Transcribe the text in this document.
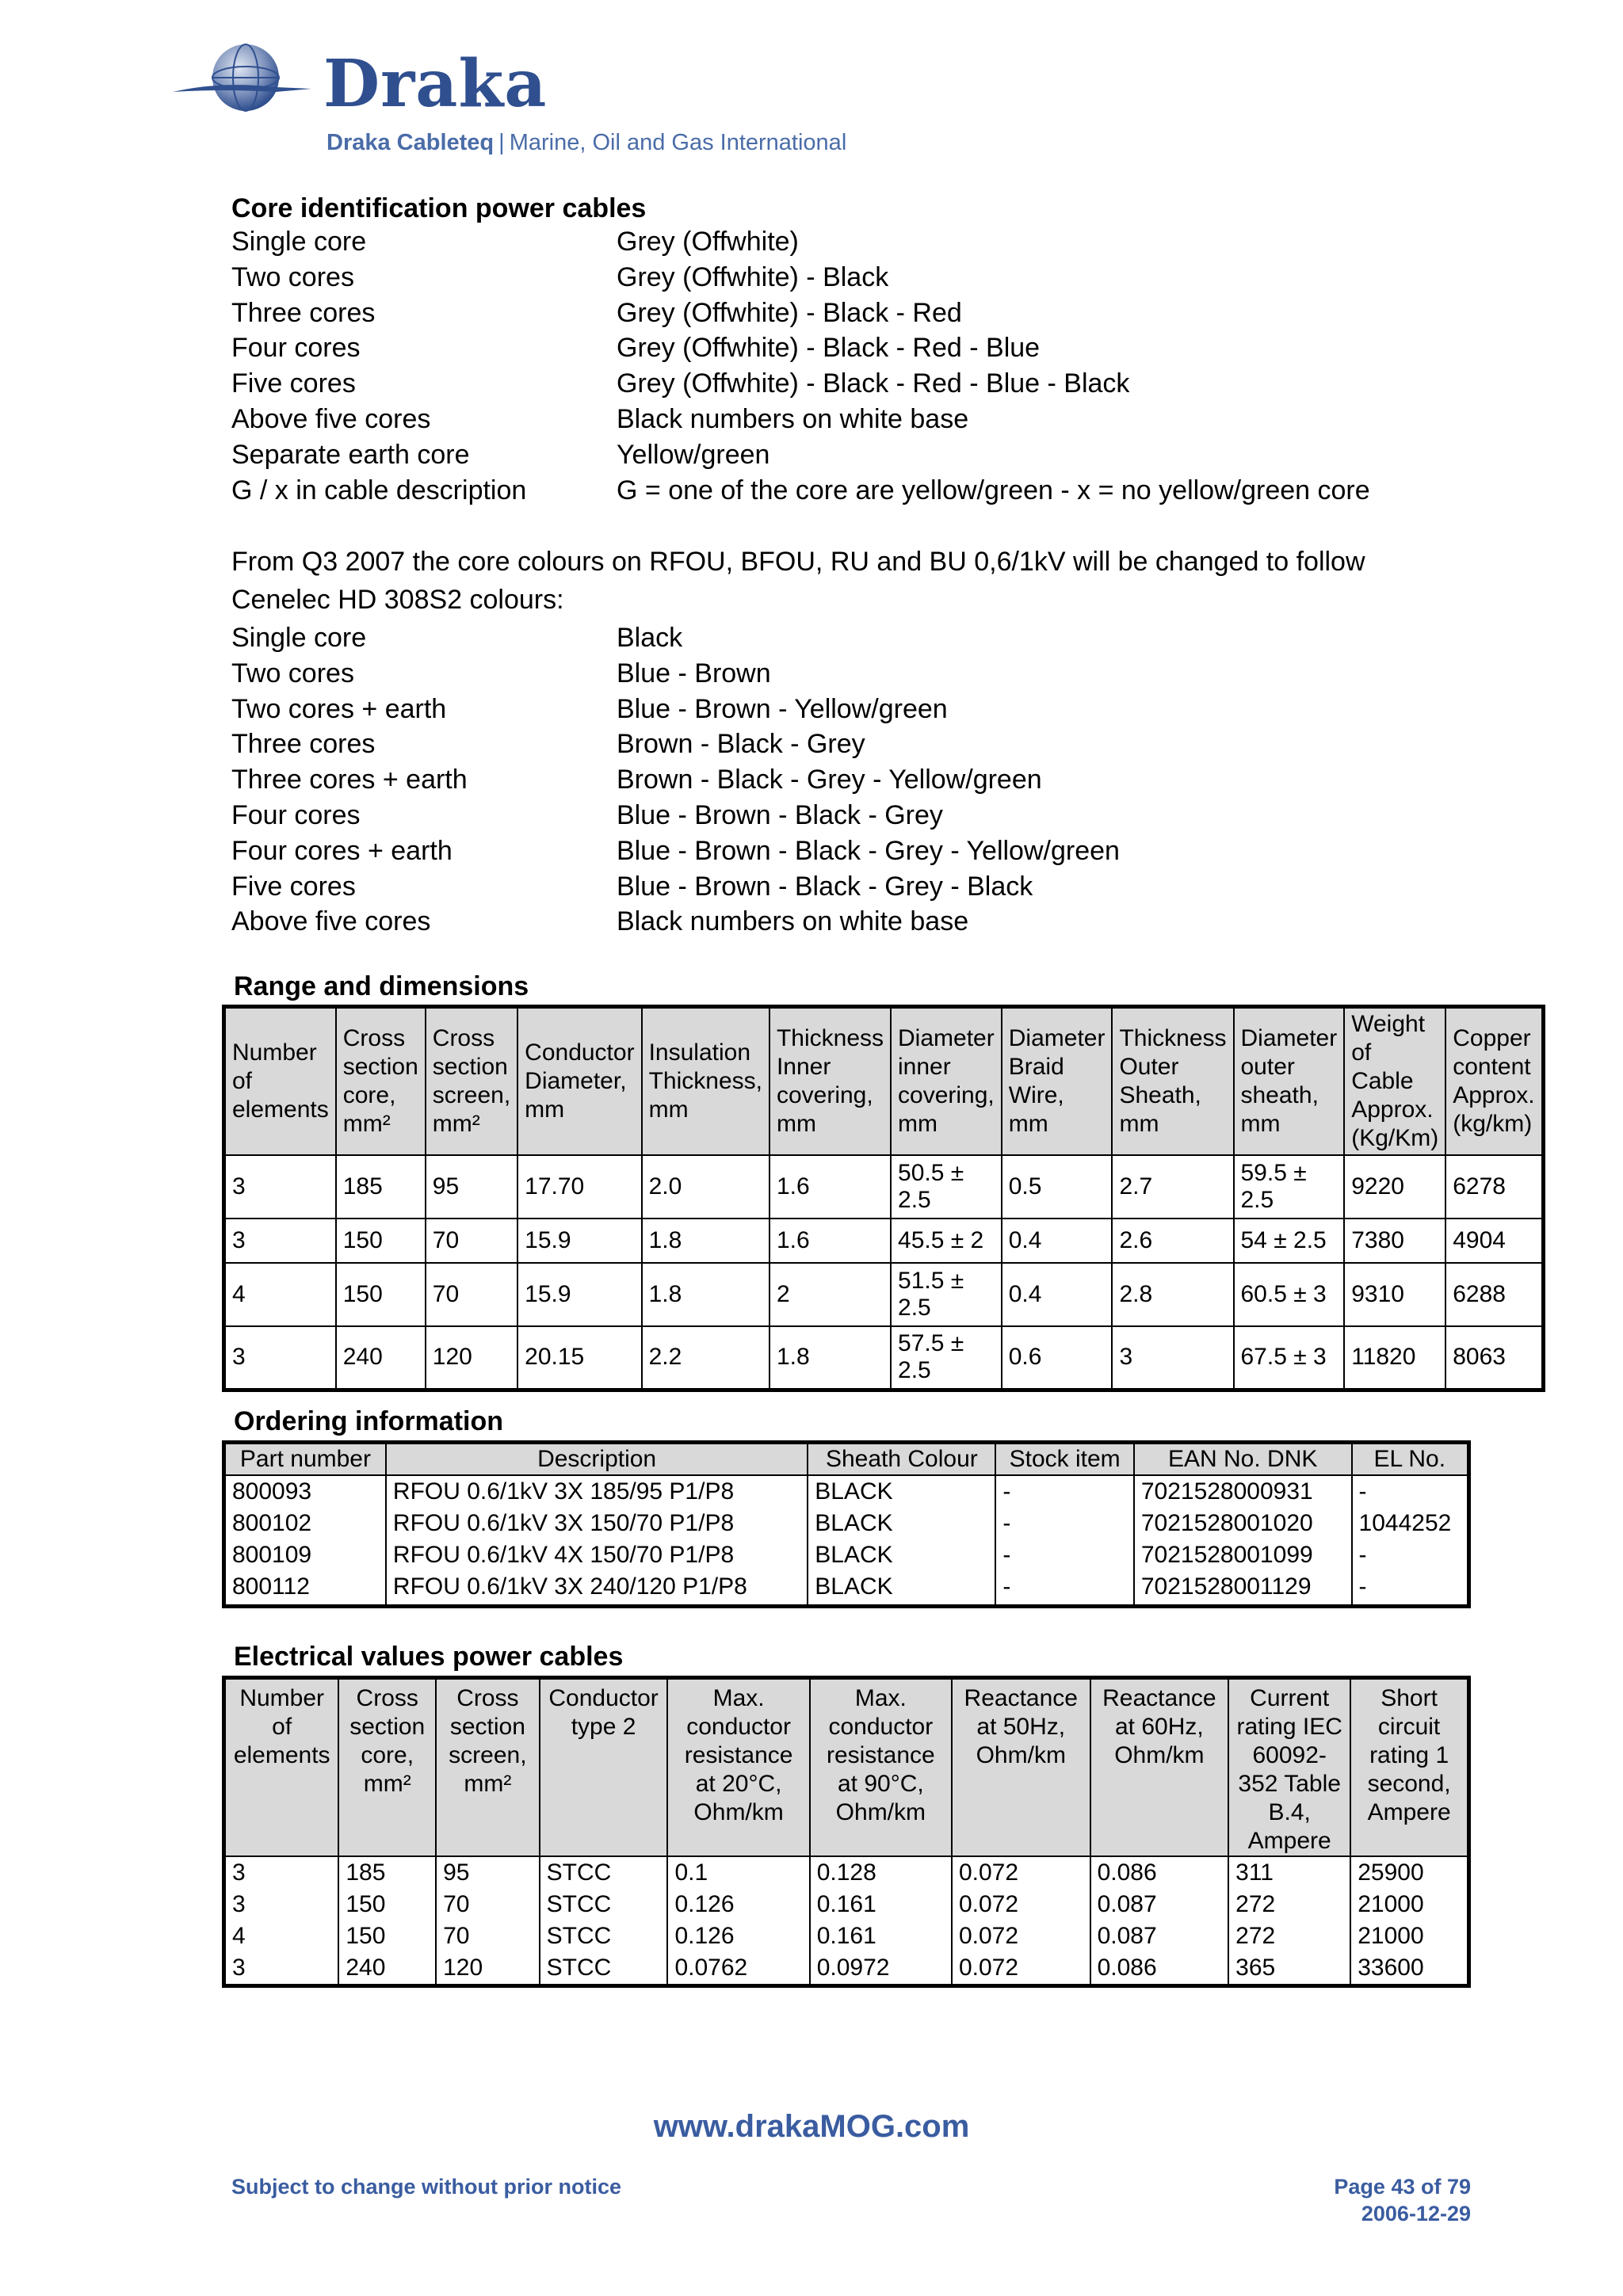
Draka
Draka Cableteq | Marine, Oil and Gas International
Core identification power cables
Single core	Grey (Offwhite)
Two cores	Grey (Offwhite) - Black
Three cores	Grey (Offwhite) - Black - Red
Four cores	Grey (Offwhite) - Black - Red - Blue
Five cores	Grey (Offwhite) - Black - Red - Blue - Black
Above five cores	Black numbers on white base
Separate earth core	Yellow/green
G / x in cable description	G = one of the core are yellow/green - x = no yellow/green core
From Q3 2007 the core colours on RFOU, BFOU, RU and BU 0,6/1kV will be changed to follow Cenelec HD 308S2 colours:
Single core	Black
Two cores	Blue - Brown
Two cores + earth	Blue - Brown - Yellow/green
Three cores	Brown - Black - Grey
Three cores + earth	Brown - Black - Grey - Yellow/green
Four cores	Blue - Brown - Black - Grey
Four cores + earth	Blue - Brown - Black - Grey - Yellow/green
Five cores	Blue - Brown - Black - Grey - Black
Above five cores	Black numbers on white base
Range and dimensions
Number of elements	Cross section core, mm²	Cross section screen, mm²	Conductor Diameter, mm	Insulation Thickness, mm	Thickness Inner covering, mm	Diameter inner covering, mm	Diameter Braid Wire, mm	Thickness Outer Sheath, mm	Diameter outer sheath, mm	Weight of Cable Approx. (Kg/Km)	Copper content Approx. (kg/km)
3	185	95	17.70	2.0	1.6	50.5 ± 2.5	0.5	2.7	59.5 ± 2.5	9220	6278
3	150	70	15.9	1.8	1.6	45.5 ± 2	0.4	2.6	54 ± 2.5	7380	4904
4	150	70	15.9	1.8	2	51.5 ± 2.5	0.4	2.8	60.5 ± 3	9310	6288
3	240	120	20.15	2.2	1.8	57.5 ± 2.5	0.6	3	67.5 ± 3	11820	8063
Ordering information
Part number	Description	Sheath Colour	Stock item	EAN No. DNK	EL No.
800093	RFOU 0.6/1kV 3X 185/95 P1/P8	BLACK	-	7021528000931	-
800102	RFOU 0.6/1kV 3X 150/70 P1/P8	BLACK	-	7021528001020	1044252
800109	RFOU 0.6/1kV 4X 150/70 P1/P8	BLACK	-	7021528001099	-
800112	RFOU 0.6/1kV 3X 240/120 P1/P8	BLACK	-	7021528001129	-
Electrical values power cables
Number of elements	Cross section core, mm²	Cross section screen, mm²	Conductor type 2	Max. conductor resistance at 20°C, Ohm/km	Max. conductor resistance at 90°C, Ohm/km	Reactance at 50Hz, Ohm/km	Reactance at 60Hz, Ohm/km	Current rating IEC 60092-352 Table B.4, Ampere	Short circuit rating 1 second, Ampere
3	185	95	STCC	0.1	0.128	0.072	0.086	311	25900
3	150	70	STCC	0.126	0.161	0.072	0.087	272	21000
4	150	70	STCC	0.126	0.161	0.072	0.087	272	21000
3	240	120	STCC	0.0762	0.0972	0.072	0.086	365	33600
www.drakaMOG.com
Subject to change without prior notice	Page 43 of 79
2006-12-29
